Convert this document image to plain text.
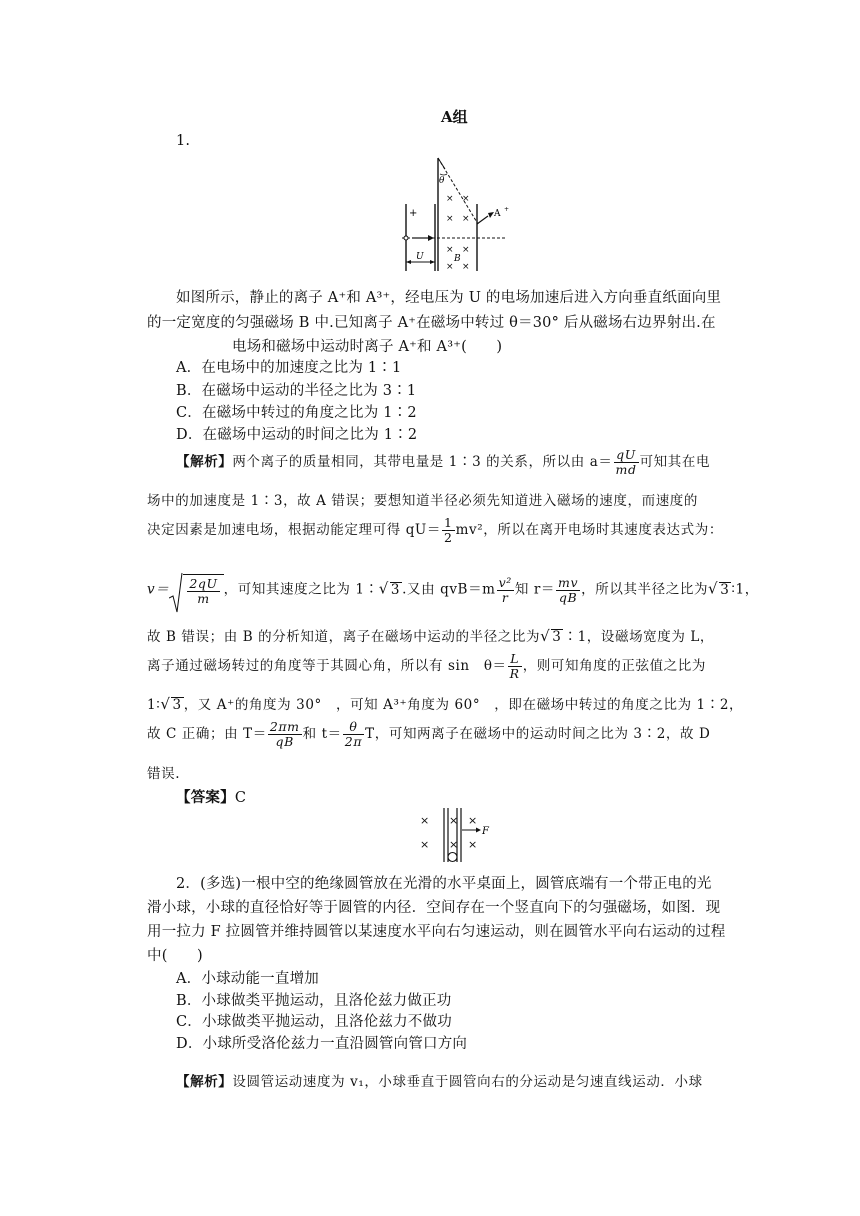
A组
1.
θ
A +
+
× ×
× ×
× ×
× ×
U	B
如图所示，静止的离子 A⁺和 A³⁺，经电压为 U 的电场加速后进入方向垂直纸面向里
的一定宽度的匀强磁场 B 中.已知离子 A⁺在磁场中转过 θ＝30° 后从磁场右边界射出.在
电场和磁场中运动时离子 A⁺和 A³⁺(　　)
A．在电场中的加速度之比为 1∶1
B．在磁场中运动的半径之比为 3∶1
C．在磁场中转过的角度之比为 1∶2
D．在磁场中运动的时间之比为 1∶2
【解析】两个离子的质量相同，其带电量是 1∶3 的关系，所以由 $a= \frac{qU}{md}$ 可知其在电
场中的加速度是 1∶3，故 A 错误；要想知道半径必须先知道进入磁场的速度，而速度的
决定因素是加速电场，根据动能定理可得 $qU= \frac{1}{2} mv^2$，所以在离开电场时其速度表达式为：
$v= \frac{2qU}{m}$ ，可知其速度之比为 1∶√ 3 .又由 $qvB=m \frac{\text{v²}}{r}$ 知 $r= \frac{mv}{qB}$ ，所以其半径之比为√ 3 ∶1，
故 B 错误；由 B 的分析知道，离子在磁场中运动的半径之比为√ 3 ∶1，设磁场宽度为 L，
离子通过磁场转过的角度等于其圆心角，所以有 sin　$\theta= \frac{L}{R}$ ，则可知角度的正弦值之比为
1∶√ 3 ，又 A⁺的角度为 30°　，可知 A³⁺角度为 60°　，即在磁场中转过的角度之比为 1∶2，
故 C 正确；由 $T= \frac{2\pi m}{qB}$ 和 $t= \frac{\theta}{2\pi}$ T，可知两离子在磁场中的运动时间之比为 3∶2，故 D
错误.
【答案】C
× × ×
× × ×
F
2．(多选)一根中空的绝缘圆管放在光滑的水平桌面上，圆管底端有一个带正电的光
滑小球，小球的直径恰好等于圆管的内径．空间存在一个竖直向下的匀强磁场，如图．现
用一拉力 F 拉圆管并维持圆管以某速度水平向右匀速运动，则在圆管水平向右运动的过程
中(　　)
A．小球动能一直增加
B．小球做类平抛运动，且洛伦兹力做正功
C．小球做类平抛运动，且洛伦兹力不做功
D．小球所受洛伦兹力一直沿圆管向管口方向
【解析】设圆管运动速度为 v₁，小球垂直于圆管向右的分运动是匀速直线运动．小球
